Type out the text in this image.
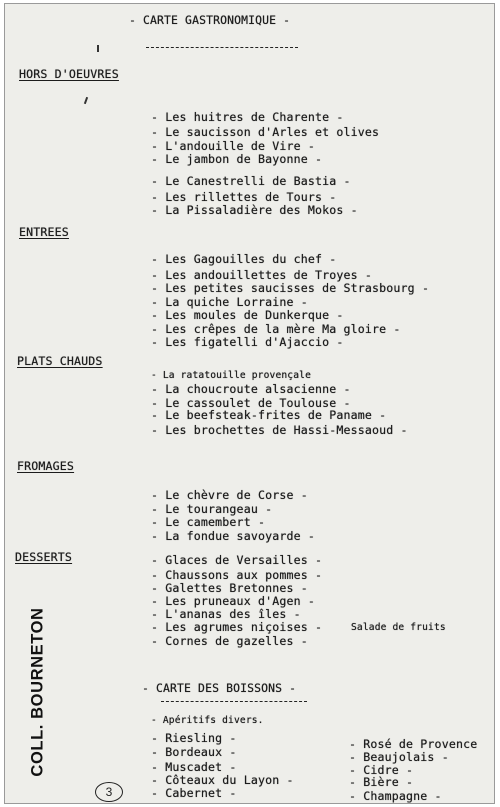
- CARTE GASTRONOMIQUE -
HORS D'OEUVRES
- Les huitres de Charente -
- Le saucisson d'Arles et olives
- L'andouille de Vire -
- Le jambon de Bayonne -
- Le Canestrelli de Bastia -
- Les rillettes de Tours -
- La Pissaladière des Mokos -
ENTREES
- Les Gagouilles du chef -
- Les andouillettes de Troyes -
- Les petites saucisses de Strasbourg -
- La quiche Lorraine -
- Les moules de Dunkerque -
- Les crêpes de la mère Ma gloire -
- Les figatelli d'Ajaccio -
PLATS CHAUDS
- La ratatouille provençale
- La choucroute alsacienne -
- Le cassoulet de Toulouse -
- Le beefsteak-frites de Paname -
- Les brochettes de Hassi-Messaoud -
FROMAGES
- Le chèvre de Corse -
- Le tourangeau -
- Le camembert -
- La fondue savoyarde -
DESSERTS	- Glaces de Versailles -
- Chaussons aux pommes -
- Galettes Bretonnes -
- Les pruneaux d'Agen -
- L'ananas des îles -
- Les agrumes niçoises -	Salade de fruits
- Cornes de gazelles -
- CARTE DES BOISSONS -
- Apéritifs divers.
- Riesling -
- Bordeaux -
- Muscadet -
- Côteaux du Layon -
- Cabernet -
- Rosé de Provence
- Beaujolais -
- Cidre -
- Bière -
- Champagne -
COLL. BOURNETON
3
